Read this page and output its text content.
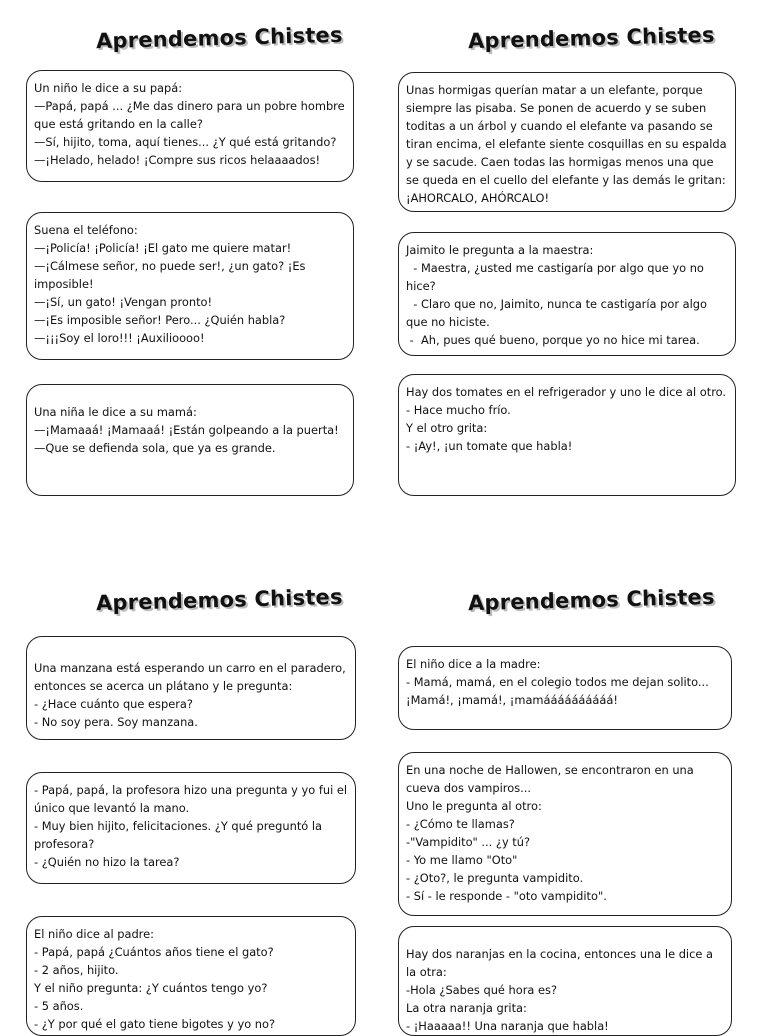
Aprendemos Chistes	Aprendemos Chistes
Aprendemos Chistes	Aprendemos Chistes
Un niño le dice a su papá:
—Papá, papá ... ¿Me das dinero para un pobre hombre que está gritando en la calle?
—Sí, hijito, toma, aquí tienes... ¿Y qué está gritando?
—¡Helado, helado! ¡Compre sus ricos helaaaados!
Suena el teléfono:
—¡Policía! ¡Policía! ¡El gato me quiere matar!
—¡Cálmese señor, no puede ser!, ¿un gato? ¡Es imposible!
—¡Sí, un gato! ¡Vengan pronto!
—¡Es imposible señor! Pero... ¿Quién habla?
—¡¡¡Soy el loro!!! ¡Auxilioooo!
Una niña le dice a su mamá:
—¡Mamaaá! ¡Mamaaá! ¡Están golpeando a la puerta!
—Que se defienda sola, que ya es grande.
Unas hormigas querían matar a un elefante, porque siempre las pisaba. Se ponen de acuerdo y se suben toditas a un árbol y cuando el elefante va pasando se tiran encima, el elefante siente cosquillas en su espalda y se sacude. Caen todas las hormigas menos una que se queda en el cuello del elefante y las demás le gritan: ¡AHORCALO, AHÓRCALO!
Jaimito le pregunta a la maestra:
- Maestra, ¿usted me castigaría por algo que yo no hice?
- Claro que no, Jaimito, nunca te castigaría por algo que no hiciste.
-  Ah, pues qué bueno, porque yo no hice mi tarea.
Hay dos tomates en el refrigerador y uno le dice al otro.
- Hace mucho frío.
Y el otro grita:
- ¡Ay!, ¡un tomate que habla!
Una manzana está esperando un carro en el paradero, entonces se acerca un plátano y le pregunta:
- ¿Hace cuánto que espera?
- No soy pera. Soy manzana.
- Papá, papá, la profesora hizo una pregunta y yo fui el único que levantó la mano.
- Muy bien hijito, felicitaciones. ¿Y qué preguntó la profesora?
- ¿Quién no hizo la tarea?
El niño dice al padre:
- Papá, papá ¿Cuántos años tiene el gato?
- 2 años, hijito.
Y el niño pregunta: ¿Y cuántos tengo yo?
- 5 años.
- ¿Y por qué el gato tiene bigotes y yo no?
El niño dice a la madre:
- Mamá, mamá, en el colegio todos me dejan solito...
¡Mamá!, ¡mamá!, ¡mamáááááááááá!
En una noche de Hallowen, se encontraron en una cueva dos vampiros...
Uno le pregunta al otro:
- ¿Cómo te llamas?
-"Vampidito" ... ¿y tú?
- Yo me llamo "Oto"
- ¿Oto?, le pregunta vampidito.
- Sí - le responde - "oto vampidito".
Hay dos naranjas en la cocina, entonces una le dice a la otra:
-Hola ¿Sabes qué hora es?
La otra naranja grita:
- ¡Haaaaa!! Una naranja que habla!
